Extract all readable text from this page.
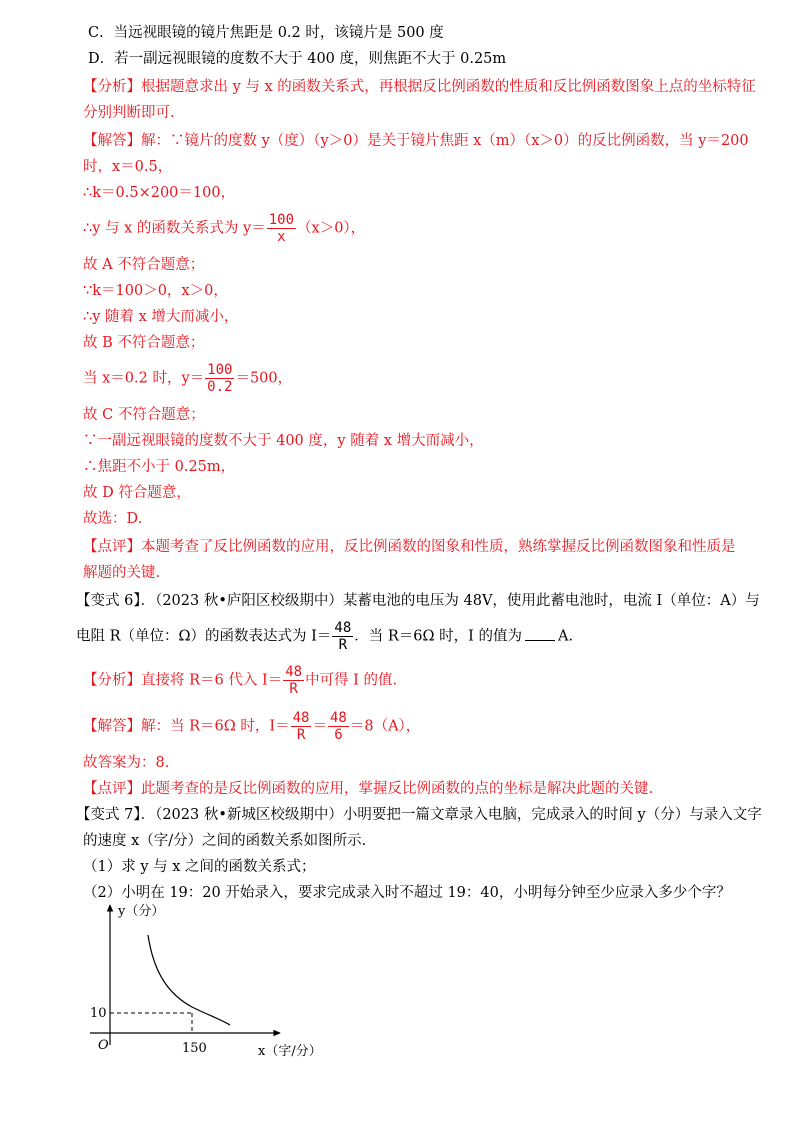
C．当远视眼镜的镜片焦距是 0.2 时，该镜片是 500 度
D．若一副远视眼镜的度数不大于 400 度，则焦距不大于 0.25m
【分析】根据题意求出 y 与 x 的函数关系式，再根据反比例函数的性质和反比例函数图象上点的坐标特征
分别判断即可.
【解答】解：∵镜片的度数 y（度）（y＞0）是关于镜片焦距 x（m）（x＞0）的反比例函数，当 y＝200
时，x＝0.5，
∴k＝0.5×200＝100，
∴y 与 x 的函数关系式为 $y= \frac{100}{x} (x>0)$，
故 A 不符合题意；
∵k＝100＞0，x＞0，
∴y 随着 x 增大而减小，
故 B 不符合题意；
当 x＝0.2 时，$y= \frac{100}{0.2} =500$，
故 C 不符合题意；
∵一副远视眼镜的度数不大于 400 度，y 随着 x 增大而减小，
∴焦距不小于 0.25m，
故 D 符合题意，
故选：D.
【点评】本题考查了反比例函数的应用，反比例函数的图象和性质，熟练掌握反比例函数图象和性质是
解题的关键.
【变式 6】．（2023 秋•庐阳区校级期中）某蓄电池的电压为 48V，使用此蓄电池时，电流 I（单位：A）与
电阻 R（单位：Ω）的函数表达式为 $I= \frac{48}{R}$ ．当 R＝6Ω 时，I 的值为 A.
【分析】直接将 R＝6 代入 $I= \frac{48}{R}$ 中可得 I 的值.
【解答】解：当 R＝6Ω 时，$I= \frac{48}{R} = \frac{48}{6} =8(A)$，
故答案为：8.
【点评】此题考查的是反比例函数的应用，掌握反比例函数的点的坐标是解决此题的关键.
【变式 7】．（2023 秋•新城区校级期中）小明要把一篇文章录入电脑，完成录入的时间 y（分）与录入文字
的速度 x（字/分）之间的函数关系如图所示.
（1）求 y 与 x 之间的函数关系式；
（2）小明在 19：20 开始录入，要求完成录入时不超过 19：40，小明每分钟至少应录入多少个字？
y（分）
x（字/分）
O
10
150
